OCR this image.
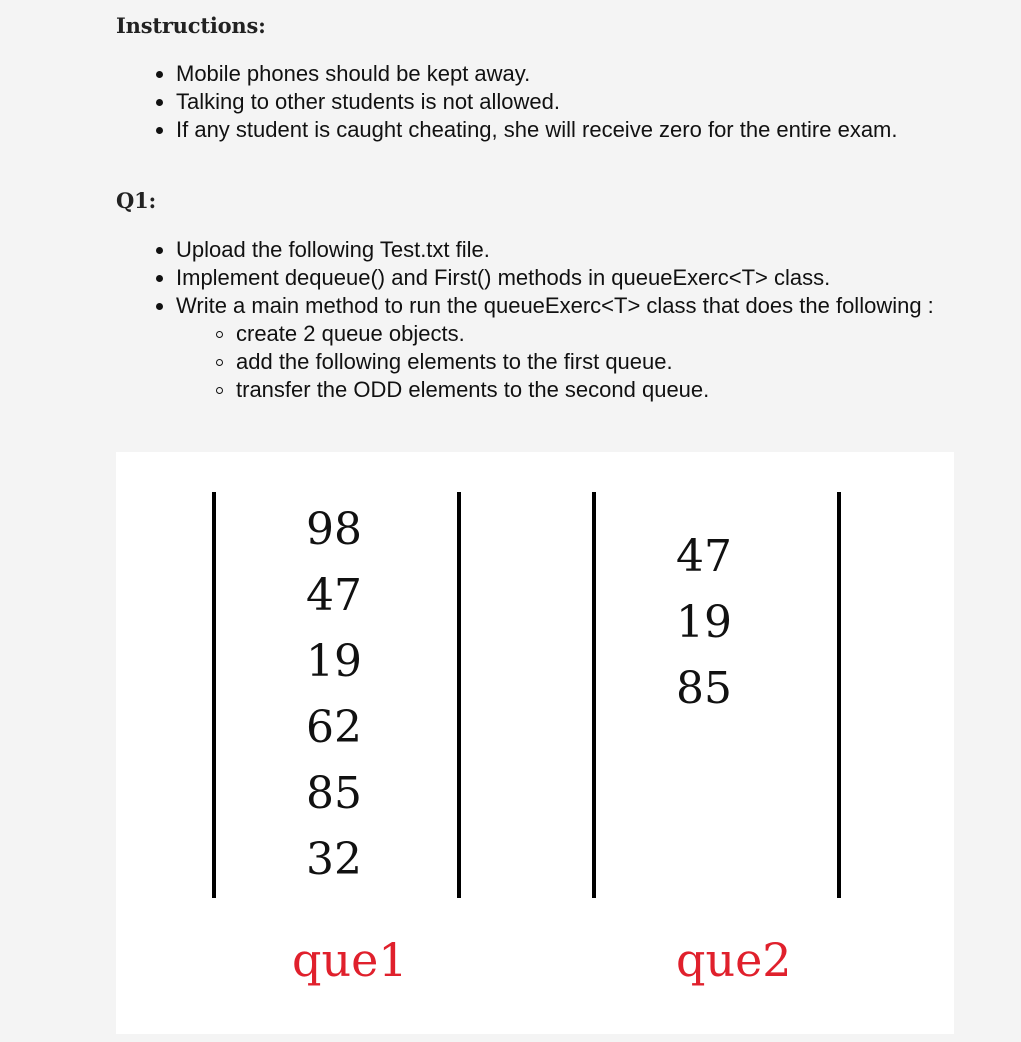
Instructions:
Mobile phones should be kept away.
Talking to other students is not allowed.
If any student is caught cheating, she will receive zero for the entire exam.
Q1:
Upload the following Test.txt file.
Implement dequeue() and First() methods in queueExerc<T> class.
Write a main method to run the queueExerc<T> class that does the following :
create 2 queue objects.
add the following elements to the first queue.
transfer the ODD elements to the second queue.
98
47
19
62
85
32
que1
47
19
85
que2
